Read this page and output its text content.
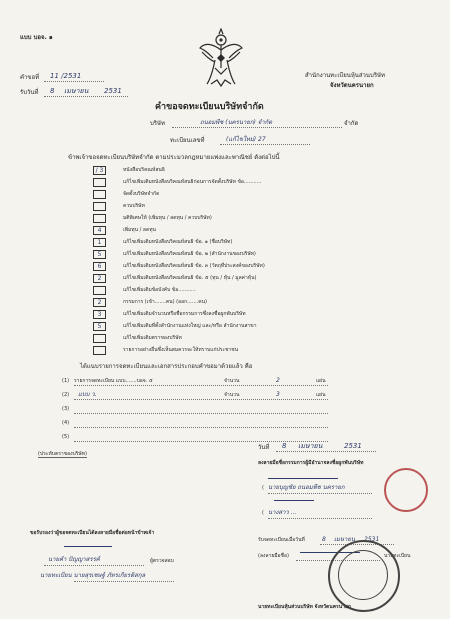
แบบ บอจ. ๑
คำขอที่ 11 /2531
รับวันที่ 8 เมษายน 2531
สำนักงานทะเบียนหุ้นส่วนบริษัท
จังหวัดนครนายก
คำขอจดทะเบียนบริษัทจำกัด
บริษัท	ถนอมพืช (นครนายก) จำกัด	จำกัด
ทะเบียนเลขที่	(แก้ไขใหม่) 27
ข้าพเจ้าขอจดทะเบียนบริษัทจำกัด ตามประมวลกฎหมายแพ่งและพาณิชย์ ดังต่อไปนี้
/ 3	หนังสือบริคณห์สนธิ
แก้ไขเพิ่มเติมหนังสือบริคณห์สนธิก่อนการจัดตั้งบริษัท ข้อ...........
จัดตั้งบริษัทจำกัด
ควบบริษัท
มติพิเศษให้ (เพิ่มทุน / ลดทุน / ควบบริษัท)
4	เพิ่มทุน / ลดทุน
1	แก้ไขเพิ่มเติมหนังสือบริคณห์สนธิ ข้อ. ๑ (ชื่อบริษัท)
5	แก้ไขเพิ่มเติมหนังสือบริคณห์สนธิ ข้อ. ๒ (สำนักงานของบริษัท)
6	แก้ไขเพิ่มเติมหนังสือบริคณห์สนธิ ข้อ. ๓ (วัตถุที่ประสงค์ของบริษัท)
2	แก้ไขเพิ่มเติมหนังสือบริคณห์สนธิ ข้อ. ๕ (ทุน / หุ้น / มูลค่าหุ้น)
แก้ไขเพิ่มเติมข้อบังคับ ข้อ...........
2	กรรมการ (เข้า.......คน) (ออก.......คน)
3	แก้ไขเพิ่มเติมจำนวนหรือชื่อกรรมการซึ่งลงชื่อผูกพันบริษัท
5	แก้ไขเพิ่มเติมที่ตั้งสำนักงานแห่งใหญ่ และ/หรือ สำนักงานสาขา
แก้ไขเพิ่มเติมตราของบริษัท
รายการอย่างอื่นซึ่งเห็นสมควรจะให้ทราบแก่ประชาชน
ได้แนบรายการจดทะเบียนและเอกสารประกอบคำขอมาด้วยแล้ว คือ
(1) รายการจดทะเบียน แบบ.......บอจ. ๕	จำนวน	2	แผ่น
(2) แบบ ว.	จำนวน	3	แผ่น
(3)
(4)
(5)
(ประทับตราของบริษัท)
วันที่ 8 เมษายน	2531
ลงลายมือชื่อกรรมการผู้มีอำนาจลงชื่อผูกพันบริษัท
( นายบุญชัย ถนอมพืช นครายก
( นางสาว ...
ขอรับรองว่าผู้ขอจดทะเบียนได้ลงลายมือชื่อต่อหน้าข้าพเจ้า
นายคำ ปัญญาสรรค์	ผู้ตรวจสอบ
นายทะเบียน นายสุรเชษฐ์ ภัทรเกียรติสกุล
รับจดทะเบียนเมื่อวันที่	8 เมษายน 2531
(ลงลายมือชื่อ)	นายทะเบียน
นายทะเบียนหุ้นส่วนบริษัท จังหวัดนครนายก
